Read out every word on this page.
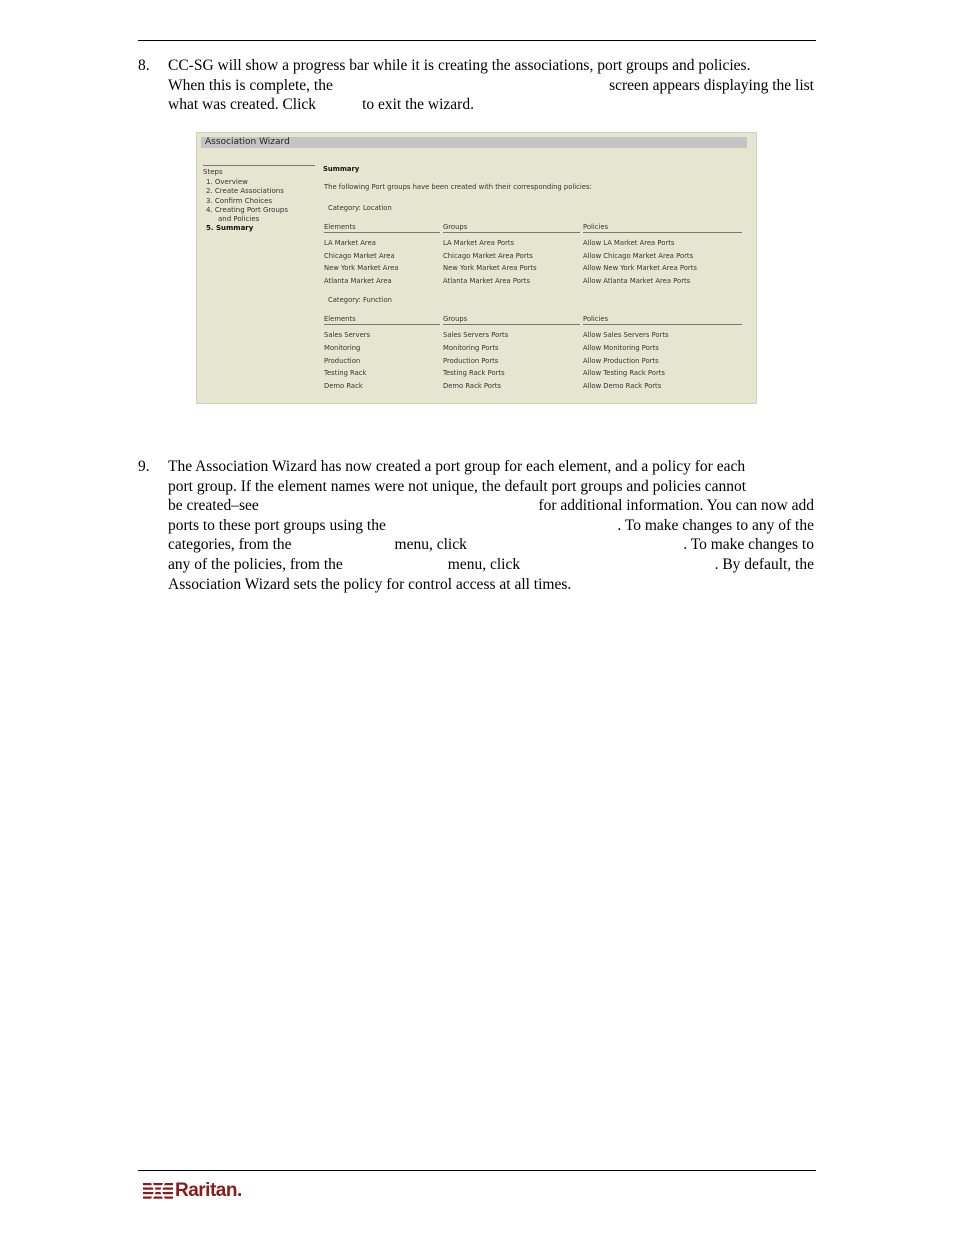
8.	CC-SG will show a progress bar while it is creating the associations, port groups and policies.
When this is complete, the	screen appears displaying the list
what was created. Click	to exit the wizard.
Association Wizard
Steps
1. Overview
2. Create Associations
3. Confirm Choices
4. Creating Port Groups
and Policies
5. Summary
Summary
The following Port groups have been created with their corresponding policies:
Category: Location
Elements	Groups	Policies
LA Market Area	LA Market Area Ports	Allow LA Market Area Ports
Chicago Market Area	Chicago Market Area Ports	Allow Chicago Market Area Ports
New York Market Area	New York Market Area Ports	Allow New York Market Area Ports
Atlanta Market Area	Atlanta Market Area Ports	Allow Atlanta Market Area Ports
Category: Function
Elements	Groups	Policies
Sales Servers	Sales Servers Ports	Allow Sales Servers Ports
Monitoring	Monitoring Ports	Allow Monitoring Ports
Production	Production Ports	Allow Production Ports
Testing Rack	Testing Rack Ports	Allow Testing Rack Ports
Demo Rack	Demo Rack Ports	Allow Demo Rack Ports
9.	The Association Wizard has now created a port group for each element, and a policy for each
port group. If the element names were not unique, the default port groups and policies cannot
be created–see	for additional information. You can now add
ports to these port groups using the	. To make changes to any of the
categories, from the	menu, click	. To make changes to
any of the policies, from the	menu, click	. By default, the
Association Wizard sets the policy for control access at all times.
Raritan.
